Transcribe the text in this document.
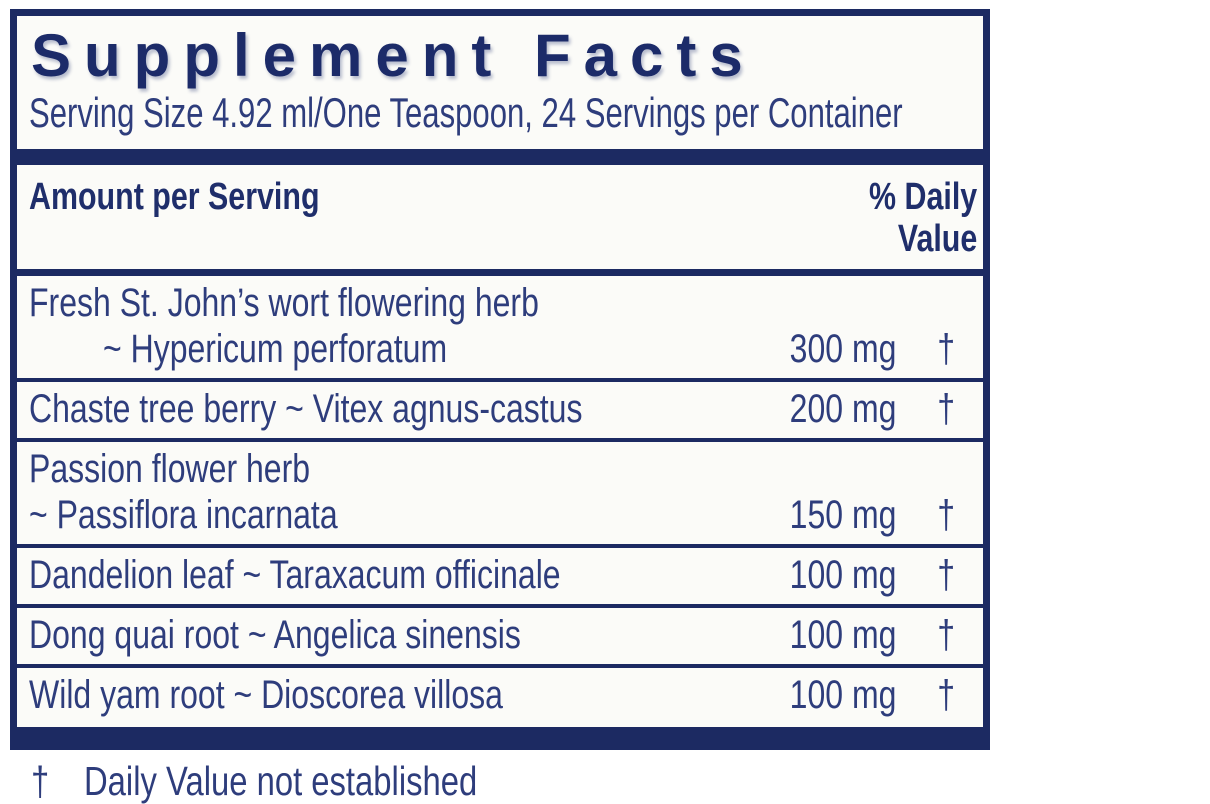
Supplement Facts
Serving Size 4.92 ml/One Teaspoon, 24 Servings per Container
Amount per Serving	% Daily
Value
Fresh St. John’s wort flowering herb
~ Hypericum perforatum	300 mg	†
Chaste tree berry ~ Vitex agnus-castus	200 mg	†
Passion flower herb
~ Passiflora incarnata	150 mg	†
Dandelion leaf ~ Taraxacum officinale	100 mg	†
Dong quai root ~ Angelica sinensis	100 mg	†
Wild yam root ~ Dioscorea villosa	100 mg	†
† Daily Value not established
